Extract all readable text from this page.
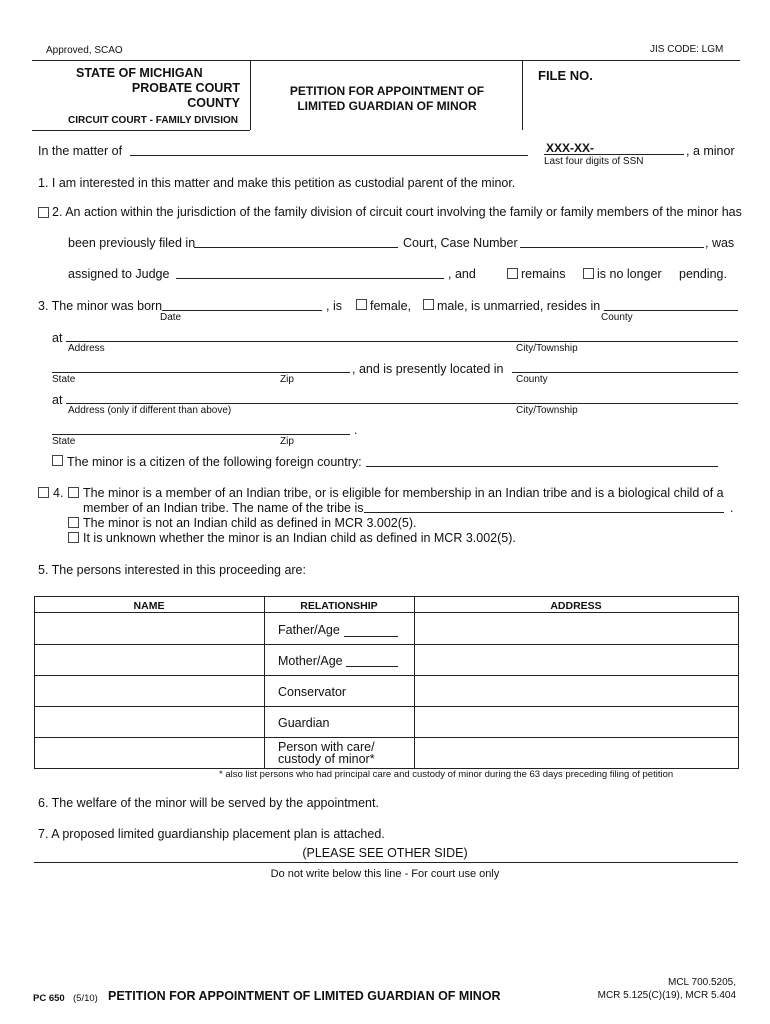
Approved, SCAO	JIS CODE: LGM
STATE OF MICHIGAN
PROBATE COURT
COUNTY
CIRCUIT COURT - FAMILY DIVISION
PETITION FOR APPOINTMENT OF
LIMITED GUARDIAN OF MINOR
FILE NO.
In the matter of	XXX-XX-
Last four digits of SSN
, a minor
1. I am interested in this matter and make this petition as custodial parent of the minor.
2. An action within the jurisdiction of the family division of circuit court involving the family or family members of the minor has
been previously filed in	Court, Case Number	, was
assigned to Judge	, and	remains	is no longer pending.
3. The minor was born
Date
, is female, male, is unmarried, resides in
County
at
Address	City/Township
, and is presently located in
State	Zip	County
at
Address (only if different than above)	City/Township
.
State	Zip
The minor is a citizen of the following foreign country:
4. The minor is a member of an Indian tribe, or is eligible for membership in an Indian tribe and is a biological child of a
member of an Indian tribe. The name of the tribe is	.
The minor is not an Indian child as defined in MCR 3.002(5).
It is unknown whether the minor is an Indian child as defined in MCR 3.002(5).
5. The persons interested in this proceeding are:
NAME	RELATIONSHIP	ADDRESS
Father/Age
Mother/Age
Conservator
Guardian
Person with care/
custody of minor*
* also list persons who had principal care and custody of minor during the 63 days preceding filing of petition
6. The welfare of the minor will be served by the appointment.
7. A proposed limited guardianship placement plan is attached.
(PLEASE SEE OTHER SIDE)
Do not write below this line - For court use only
PC 650 (5/10) PETITION FOR APPOINTMENT OF LIMITED GUARDIAN OF MINOR
MCL 700.5205,
MCR 5.125(C)(19), MCR 5.404
